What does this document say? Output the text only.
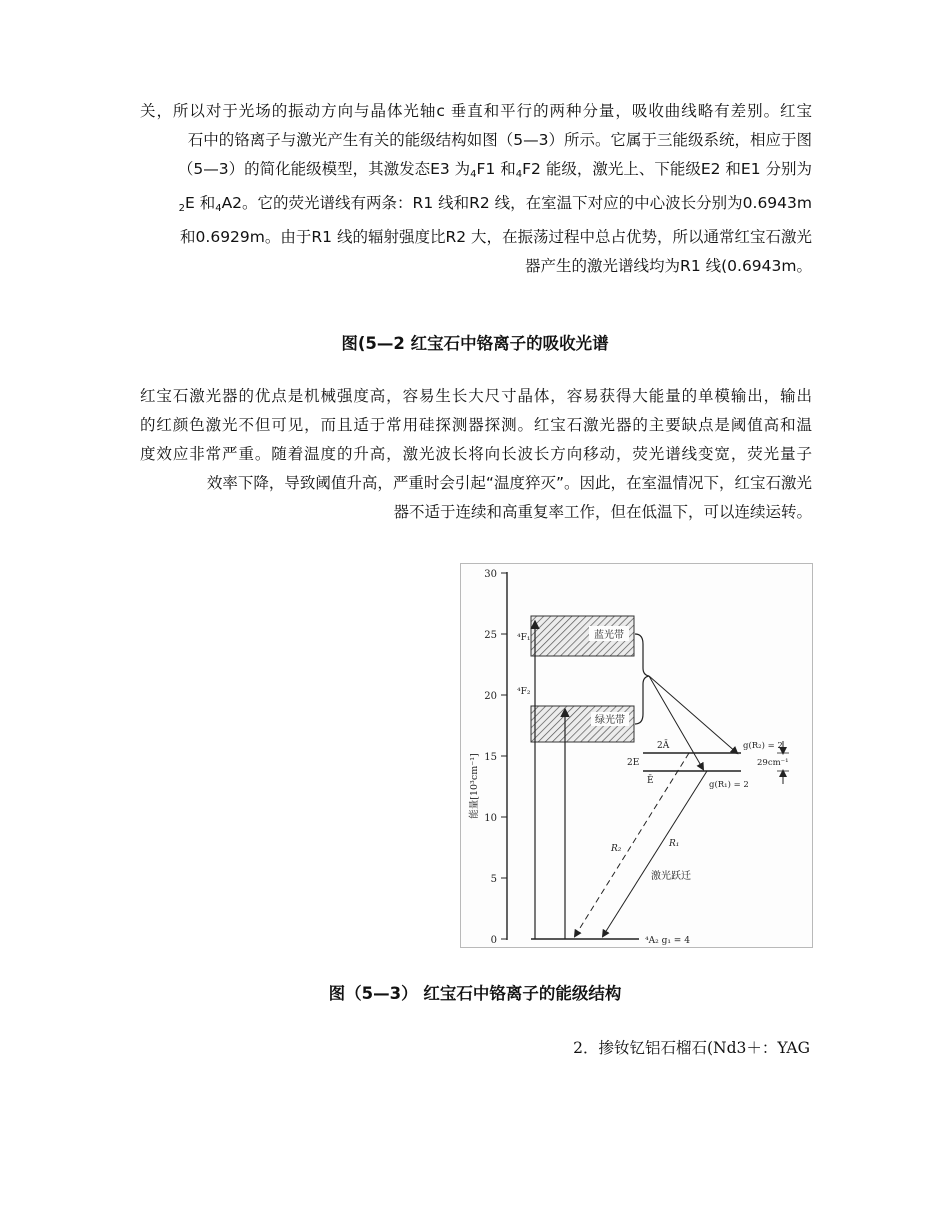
关，所以对于光场的振动方向与晶体光轴c 垂直和平行的两种分量，吸收曲线略有差别。红宝
石中的铬离子与激光产生有关的能级结构如图（5—3）所示。它属于三能级系统，相应于图
（5—3）的简化能级模型，其激发态E3 为$_4$F1 和$_4$F2 能级，激光上、下能级E2 和E1 分别为
$_2$E 和$_4$A2。它的荧光谱线有两条：R1 线和R2 线，在室温下对应的中心波长分别为0.6943m
和0.6929m。由于R1 线的辐射强度比R2 大，在振荡过程中总占优势，所以通常红宝石激光
器产生的激光谱线均为R1 线(0.6943m。
图(5—2 红宝石中铬离子的吸收光谱
红宝石激光器的优点是机械强度高，容易生长大尺寸晶体，容易获得大能量的单模输出，输出
的红颜色激光不但可见，而且适于常用硅探测器探测。红宝石激光器的主要缺点是阈值高和温
度效应非常严重。随着温度的升高，激光波长将向长波长方向移动，荧光谱线变宽，荧光量子
效率下降，导致阈值升高，严重时会引起“温度猝灭”。因此，在室温情况下，红宝石激光
器不适于连续和高重复率工作，但在低温下，可以连续运转。
0
5
10
15
20
25
30
能量[10³cm⁻¹]
蓝光带
绿光带
⁴F₁
⁴F₂
2Ā
2E
Ē
g(R₂) = 2
g(R₁) = 2
29cm⁻¹
R₂	R₁
激光跃迁
⁴A₂ g₁ = 4
图（5—3） 红宝石中铬离子的能级结构
2．掺钕钇铝石榴石(Nd3＋：YAG
